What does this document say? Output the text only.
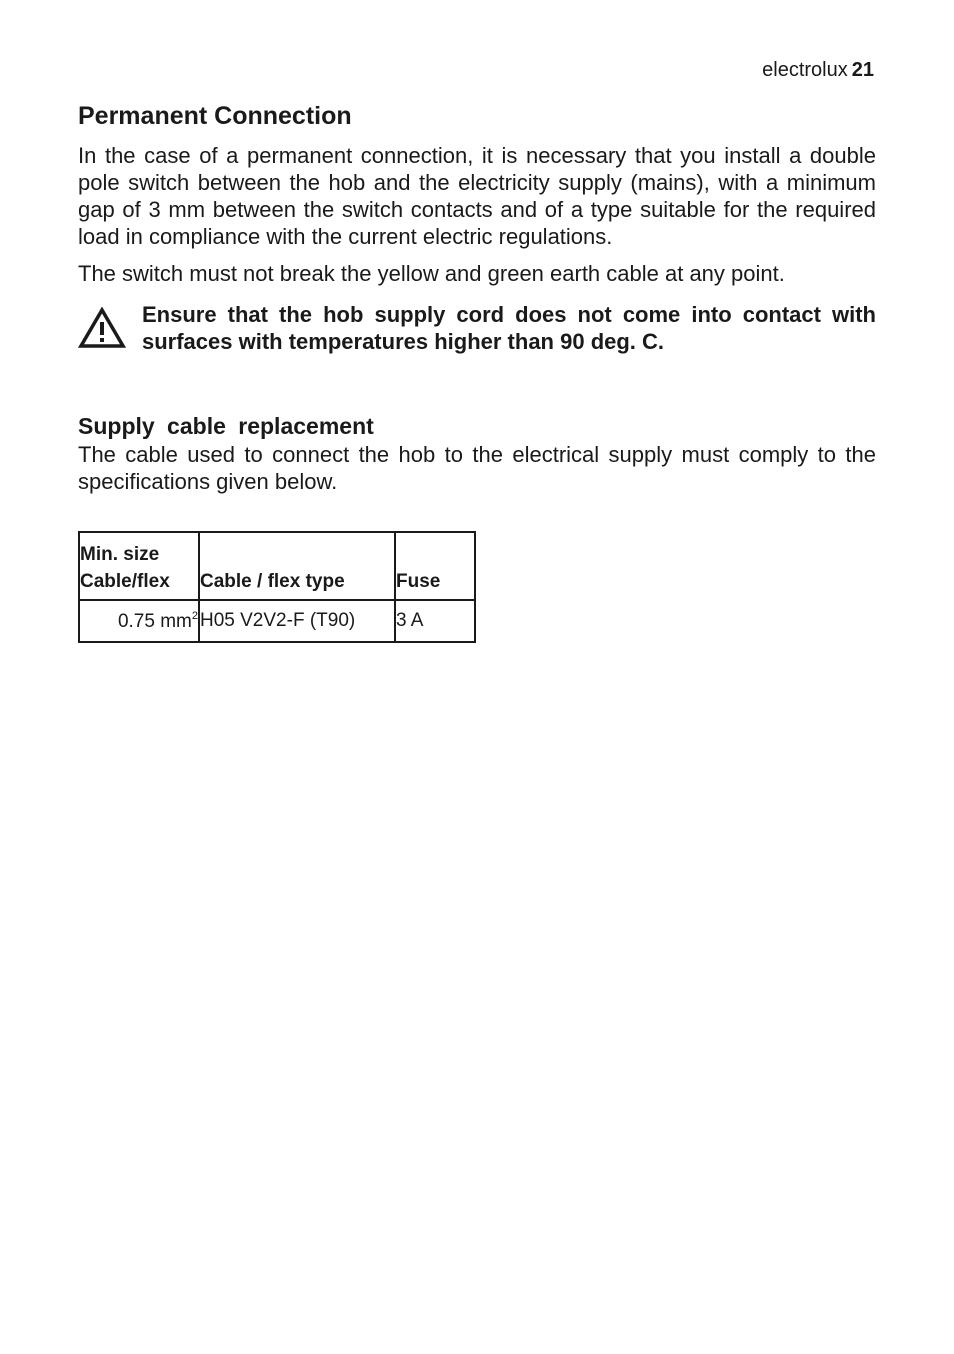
electrolux 21
Permanent Connection

In the case of a permanent connection, it is necessary that you install a double pole switch between the hob and the electricity supply (mains), with a minimum gap of 3 mm between the switch contacts and of a type suitable for the required load in compliance with the current electric regulations.

The switch must not break the yellow and green earth cable at any point.

Ensure that the hob supply cord does not come into contact with surfaces with temperatures higher than 90 deg. C.

Supply cable replacement

The cable used to connect the hob to the electrical supply must comply to the specifications given below.

Min. size
Cable/flex	Cable / flex type	Fuse
0.75 $mm^2$	H05 V2V2-F (T90)	3 A
